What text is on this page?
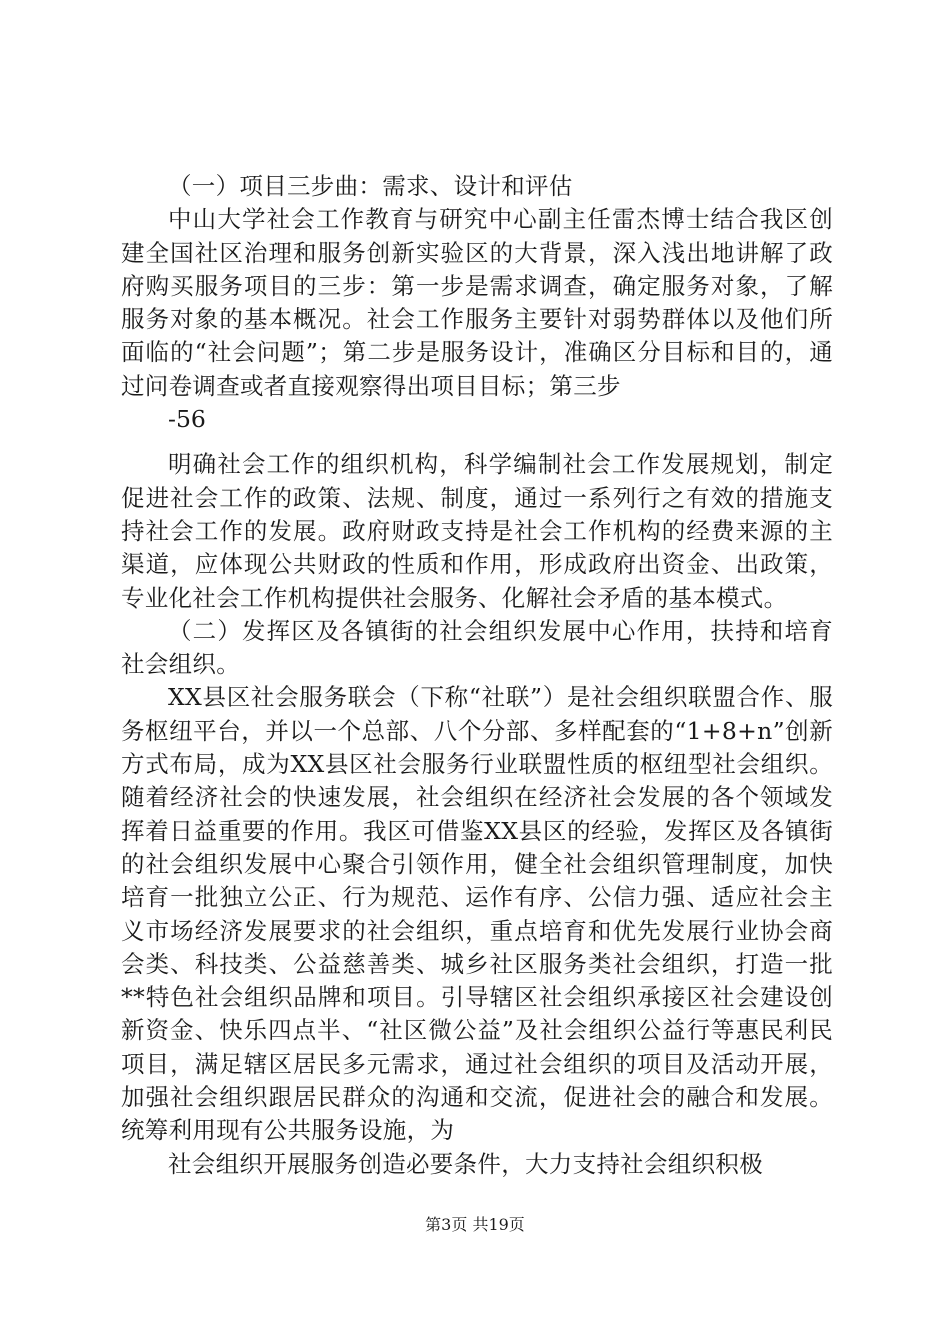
（一）项目三步曲：需求、设计和评估

中山大学社会工作教育与研究中心副主任雷杰博士结合我区创建全国社区治理和服务创新实验区的大背景，深入浅出地讲解了政府购买服务项目的三步：第一步是需求调查，确定服务对象，了解服务对象的基本概况。社会工作服务主要针对弱势群体以及他们所面临的“社会问题”；第二步是服务设计，准确区分目标和目的，通过问卷调查或者直接观察得出项目目标；第三步

-56

明确社会工作的组织机构，科学编制社会工作发展规划，制定促进社会工作的政策、法规、制度，通过一系列行之有效的措施支持社会工作的发展。政府财政支持是社会工作机构的经费来源的主渠道，应体现公共财政的性质和作用，形成政府出资金、出政策，专业化社会工作机构提供社会服务、化解社会矛盾的基本模式。

（二）发挥区及各镇街的社会组织发展中心作用，扶持和培育社会组织。

XX县区社会服务联会（下称“社联”）是社会组织联盟合作、服务枢纽平台，并以一个总部、八个分部、多样配套的“1+8+n”创新方式布局，成为XX县区社会服务行业联盟性质的枢纽型社会组织。随着经济社会的快速发展，社会组织在经济社会发展的各个领域发挥着日益重要的作用。我区可借鉴XX县区的经验，发挥区及各镇街的社会组织发展中心聚合引领作用，健全社会组织管理制度，加快培育一批独立公正、行为规范、运作有序、公信力强、适应社会主义市场经济发展要求的社会组织，重点培育和优先发展行业协会商会类、科技类、公益慈善类、城乡社区服务类社会组织，打造一批**特色社会组织品牌和项目。引导辖区社会组织承接区社会建设创新资金、快乐四点半、“社区微公益”及社会组织公益行等惠民利民项目，满足辖区居民多元需求，通过社会组织的项目及活动开展，加强社会组织跟居民群众的沟通和交流，促进社会的融合和发展。统筹利用现有公共服务设施，为

社会组织开展服务创造必要条件，大力支持社会组织积极

第3页 共19页
